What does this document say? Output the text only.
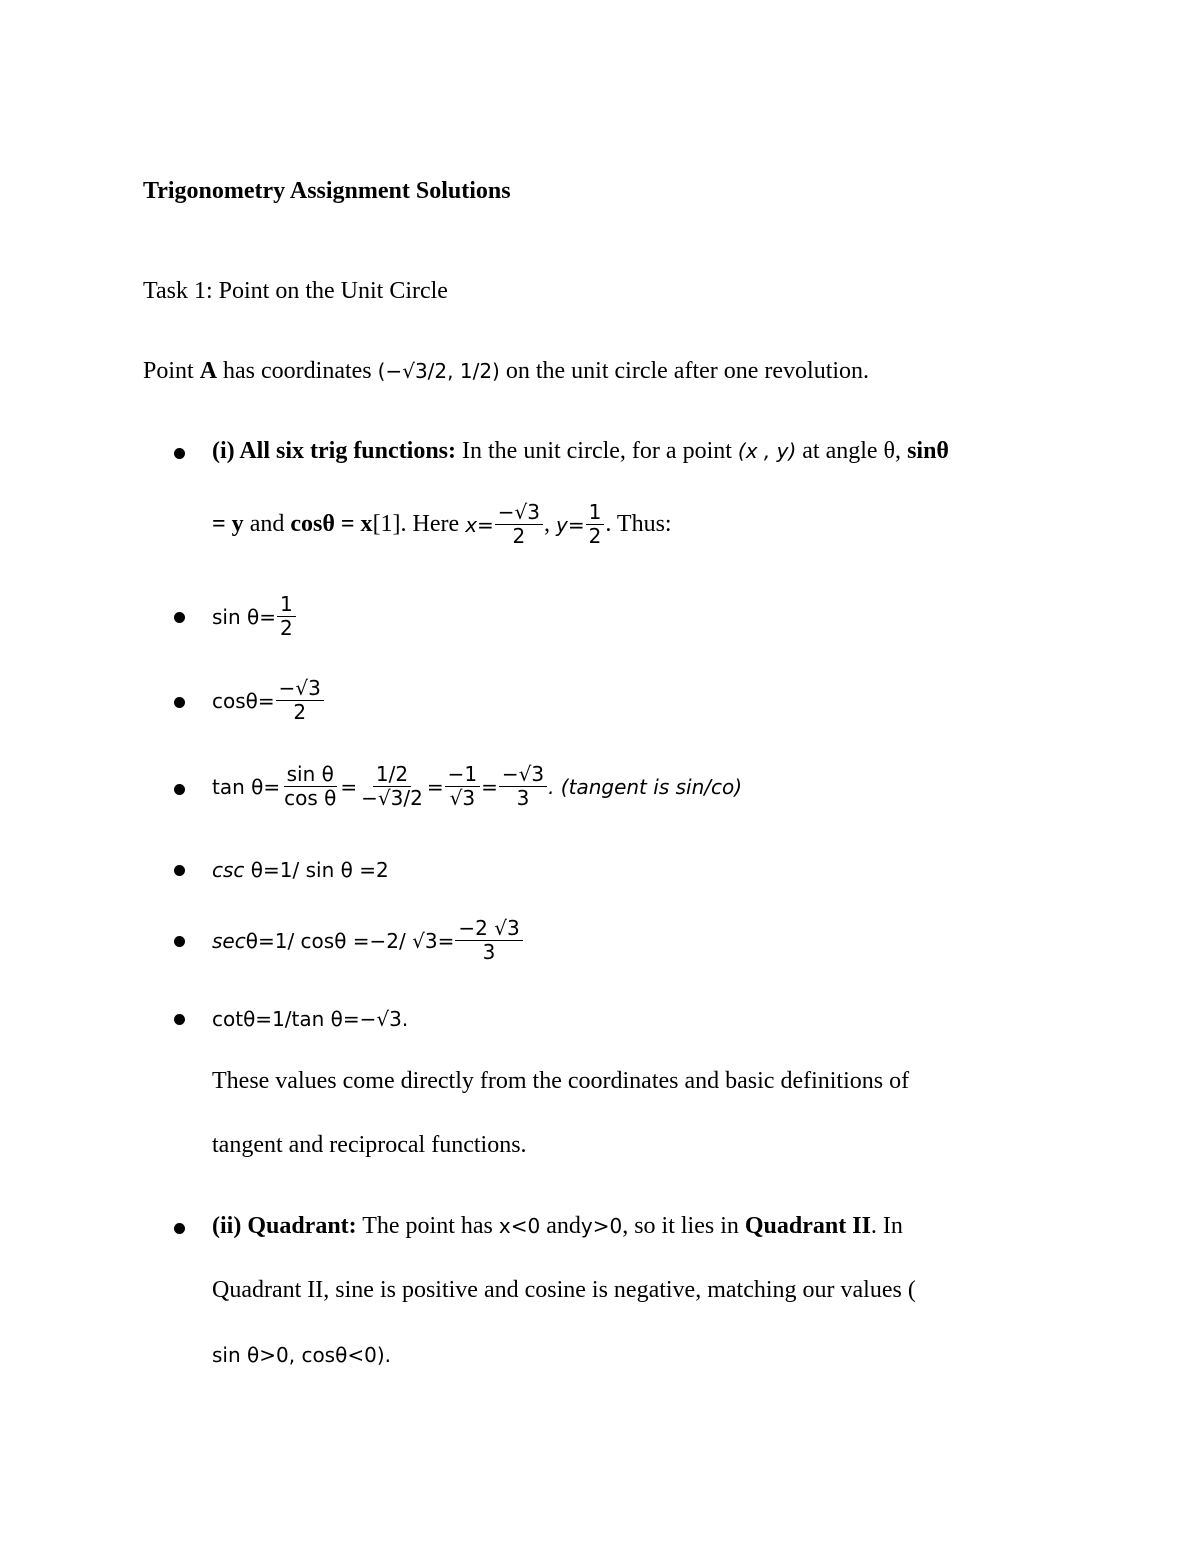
Trigonometry Assignment Solutions
Task 1: Point on the Unit Circle
Point A has coordinates (−√3/2, 1/2) on the unit circle after one revolution.
(i) All six trig functions: In the unit circle, for a point (x , y) at angle θ, sinθ
= y and cosθ = x [1]. Here $x= \frac{-√3}{2}$ , $y= \frac{1}{2}$ . Thus:
$\sin \theta= \frac{1}{2}$
$\cos\theta= \frac{-√3}{2}$
$\tan \theta= \frac{\text{sin θ}}{\text{cos θ}} = \frac{1/2}{-√3/2} = \frac{-1}{√3} = \frac{-√3}{3}$ . (tangent is sin/co)
csc θ=1/ sin θ =2
sec θ=1/ cosθ =−2/ $√3= \frac{-2 √3}{3}$
cotθ=1/tan θ=−√3.
These values come directly from the coordinates and basic definitions of
tangent and reciprocal functions.
(ii) Quadrant: The point has x<0 andy>0, so it lies in Quadrant II. In
Quadrant II, sine is positive and cosine is negative, matching our values (
sin θ>0, cosθ<0).
